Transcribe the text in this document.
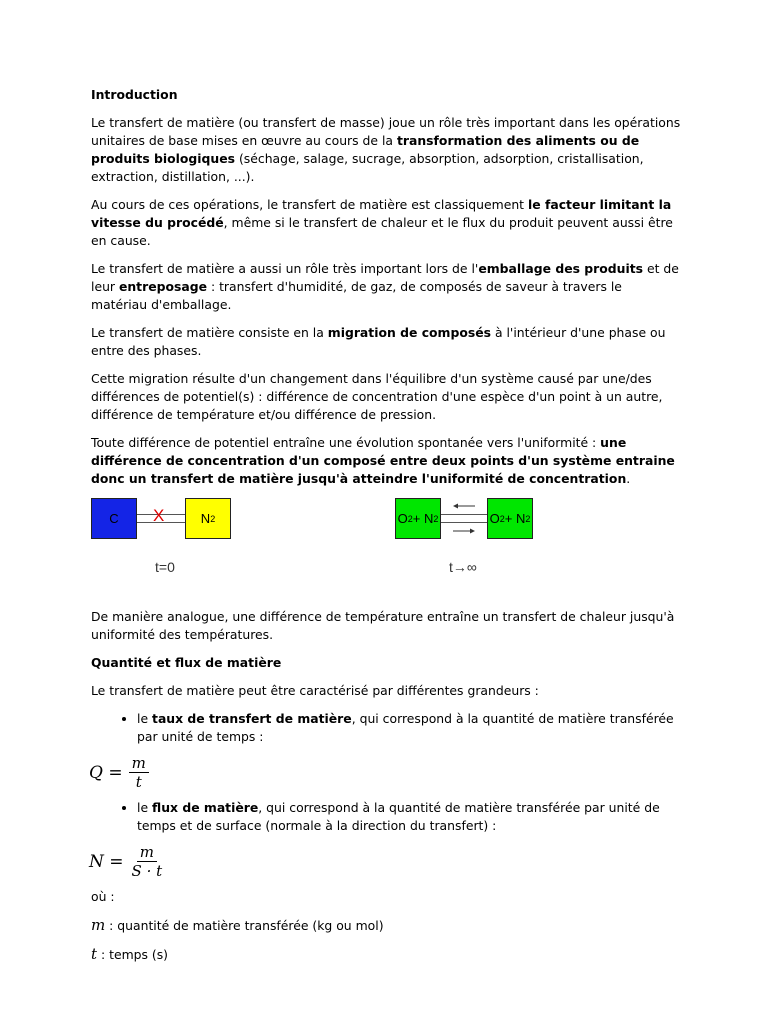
Introduction

Le transfert de matière (ou transfert de masse) joue un rôle très important dans les opérations unitaires de base mises en œuvre au cours de la transformation des aliments ou de produits biologiques (séchage, salage, sucrage, absorption, adsorption, cristallisation, extraction, distillation, ...).

Au cours de ces opérations, le transfert de matière est classiquement le facteur limitant la vitesse du procédé, même si le transfert de chaleur et le flux du produit peuvent aussi être en cause.

Le transfert de matière a aussi un rôle très important lors de l'emballage des produits et de leur entreposage : transfert d'humidité, de gaz, de composés de saveur à travers le matériau d'emballage.

Le transfert de matière consiste en la migration de composés à l'intérieur d'une phase ou entre des phases.

Cette migration résulte d'un changement dans l'équilibre d'un système causé par une/des différences de potentiel(s) : différence de concentration d'une espèce d'un point à un autre, différence de température et/ou différence de pression.

Toute différence de potentiel entraîne une évolution spontanée vers l'uniformité : une différence de concentration d'un composé entre deux points d'un système entraine donc un transfert de matière jusqu'à atteindre l'uniformité de concentration.

C X	N 2
t=0
O 2 + N 2	O 2 + N 2
t→∞

De manière analogue, une différence de température entraîne un transfert de chaleur jusqu'à uniformité des températures.

Quantité et flux de matière

Le transfert de matière peut être caractérisé par différentes grandeurs :

• le taux de transfert de matière, qui correspond à la quantité de matière transférée par unité de temps :
$Q = \frac{m}{t}$
• le flux de matière, qui correspond à la quantité de matière transférée par unité de temps et de surface (normale à la direction du transfert) :
$N = \frac{m}{S \cdot t}$

où :

m : quantité de matière transférée (kg ou mol)

t : temps (s)
